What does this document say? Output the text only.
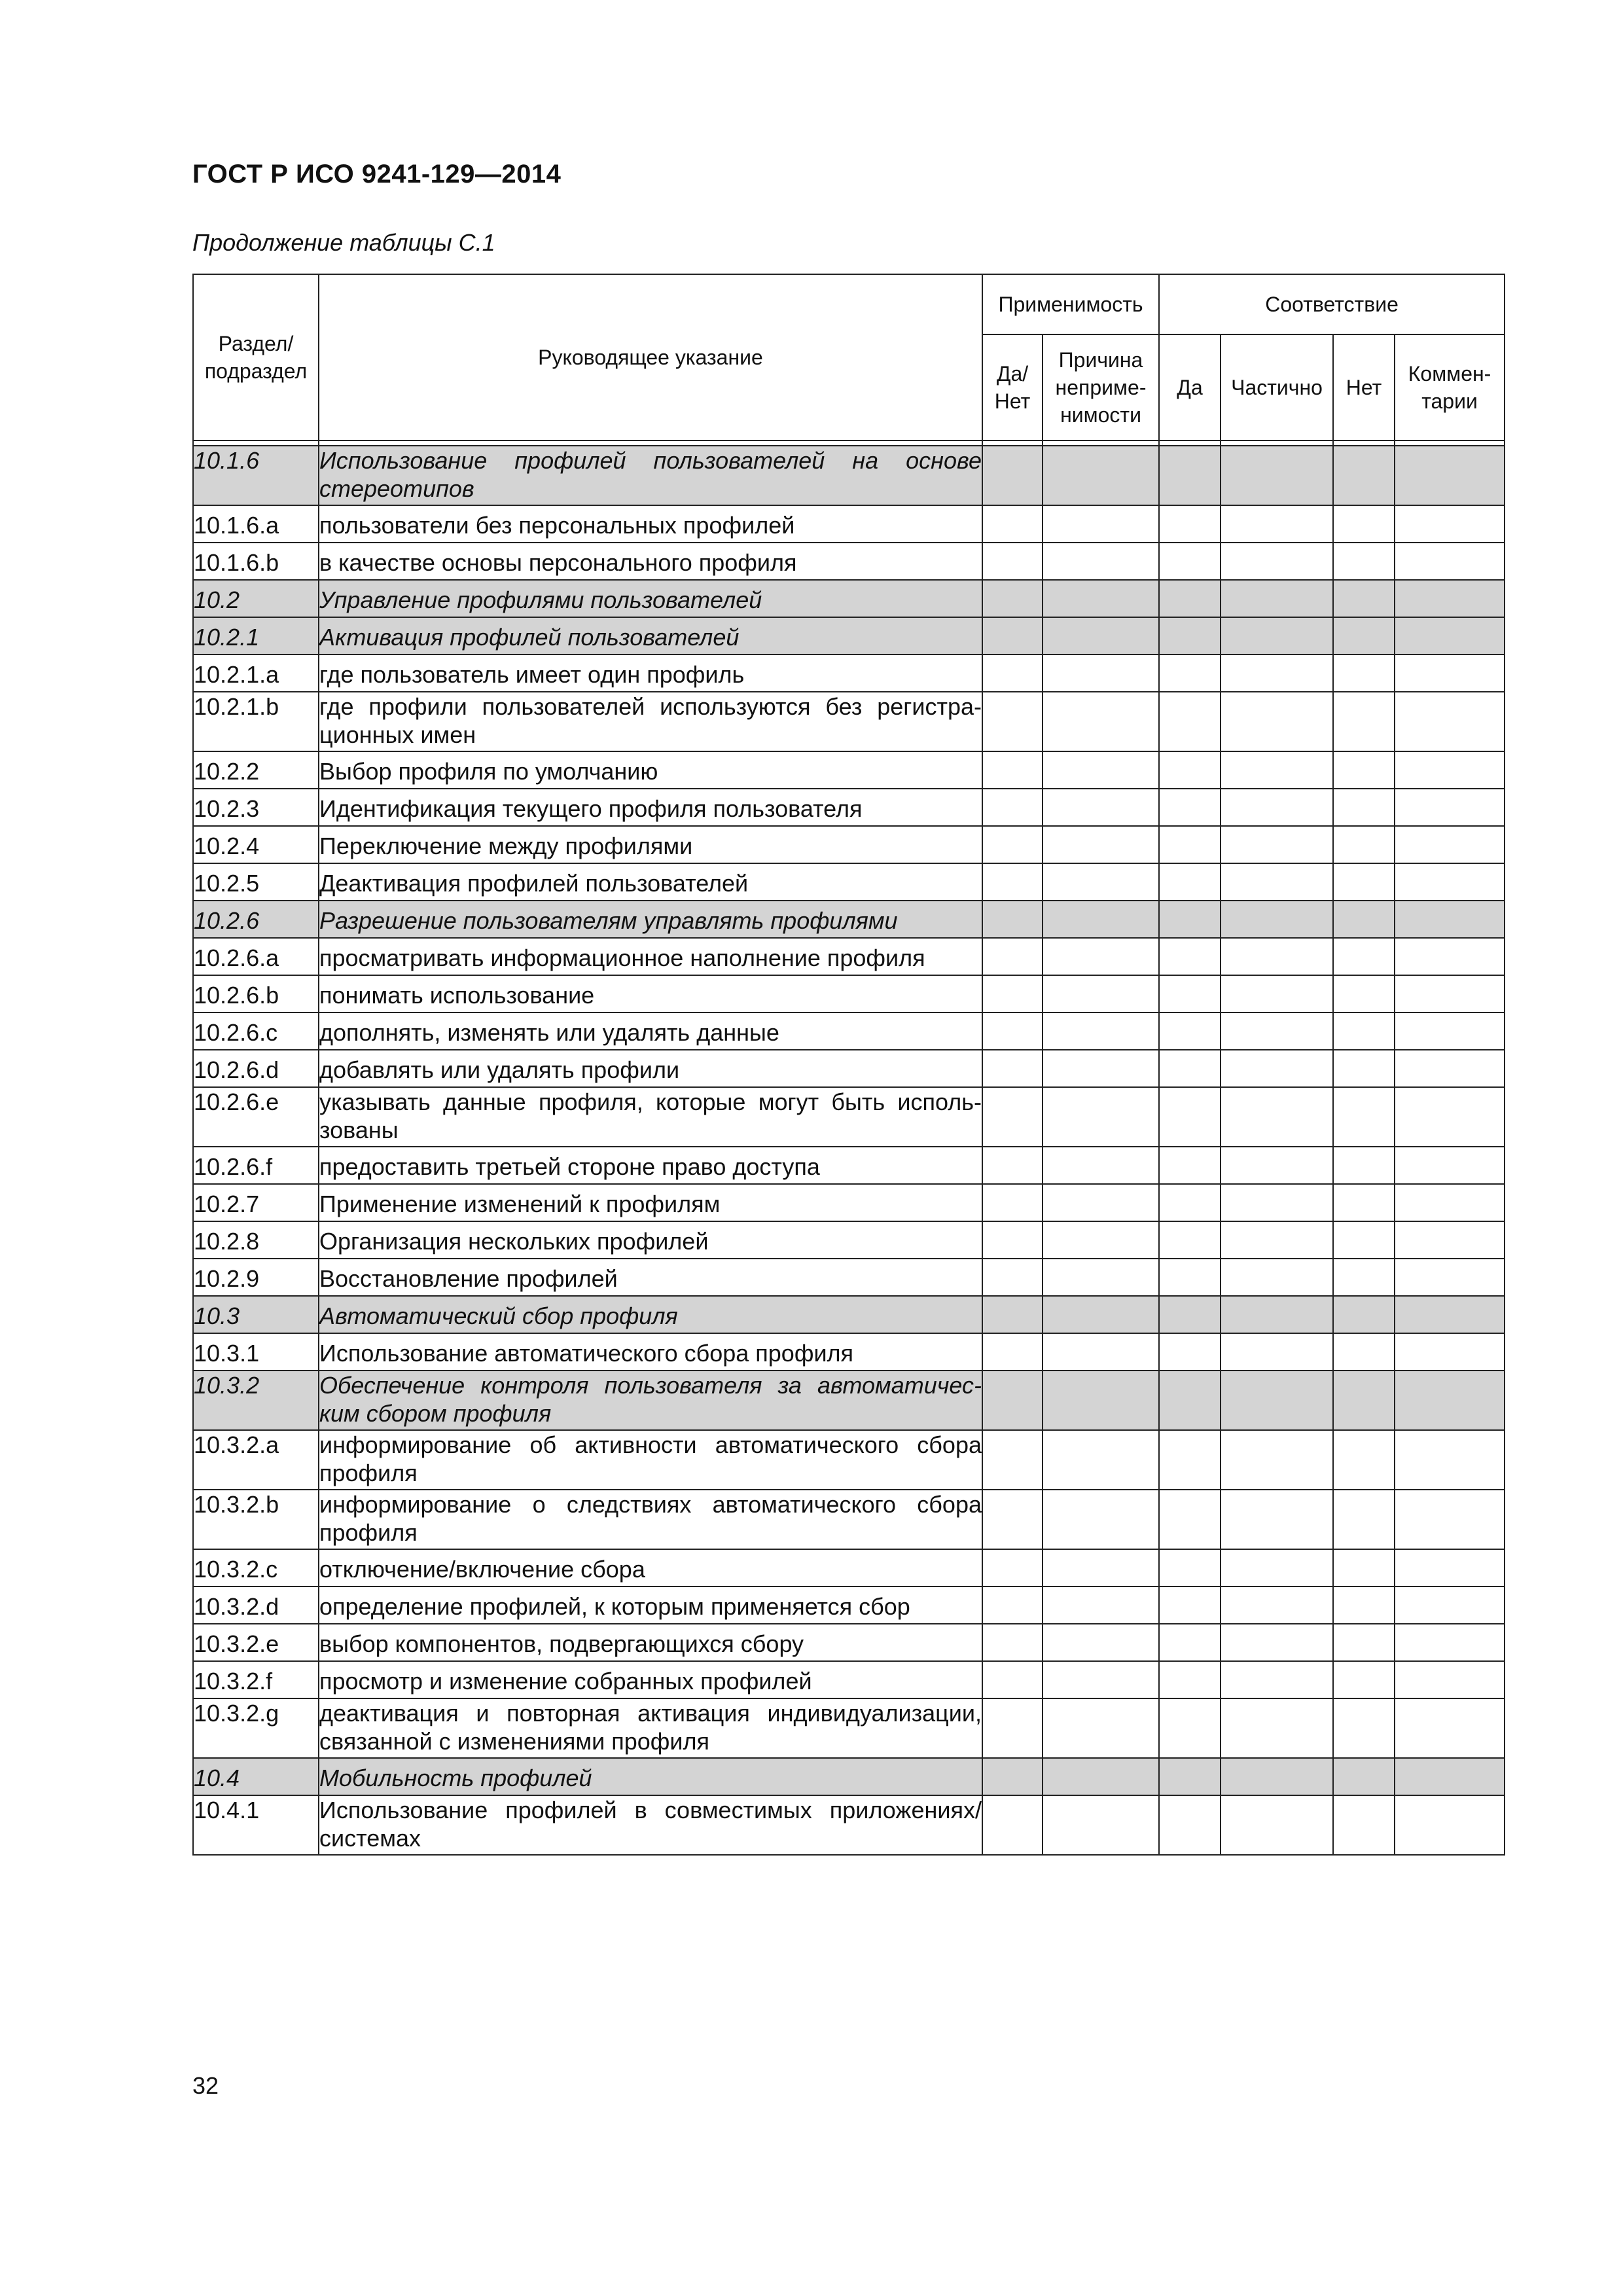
ГОСТ Р ИСО 9241-129—2014
Продолжение таблицы С.1
Раздел/ подраздел	Руководящее указание	Применимость		Соответствие			
		Да/ Нет	Причина неприме- нимости	Да	Частично	Нет	Коммен- тарии

10.1.6	Использование профилей пользователей на основе стереотипов						
10.1.6.a	пользователи без персональных профилей						
10.1.6.b	в качестве основы персонального профиля						
10.2	Управление профилями пользователей						
10.2.1	Активация профилей пользователей						
10.2.1.a	где пользователь имеет один профиль						
10.2.1.b	где профили пользователей используются без регистра-ционных имен						
10.2.2	Выбор профиля по умолчанию						
10.2.3	Идентификация текущего профиля пользователя						
10.2.4	Переключение между профилями						
10.2.5	Деактивация профилей пользователей						
10.2.6	Разрешение пользователям управлять профилями						
10.2.6.a	просматривать информационное наполнение профиля						
10.2.6.b	понимать использование						
10.2.6.c	дополнять, изменять или удалять данные						
10.2.6.d	добавлять или удалять профили						
10.2.6.e	указывать данные профиля, которые могут быть исполь-зованы						
10.2.6.f	предоставить третьей стороне право доступа						
10.2.7	Применение изменений к профилям						
10.2.8	Организация нескольких профилей						
10.2.9	Восстановление профилей						
10.3	Автоматический сбор профиля						
10.3.1	Использование автоматического сбора профиля						
10.3.2	Обеспечение контроля пользователя за автоматичес-ким сбором профиля						
10.3.2.a	информирование об активности автоматического сбора профиля						
10.3.2.b	информирование о следствиях автоматического сбора профиля						
10.3.2.c	отключение/включение сбора						
10.3.2.d	определение профилей, к которым применяется сбор						
10.3.2.e	выбор компонентов, подвергающихся сбору						
10.3.2.f	просмотр и изменение собранных профилей						
10.3.2.g	деактивация и повторная активация индивидуализации, связанной с изменениями профиля						
10.4	Мобильность профилей						
10.4.1	Использование профилей в совместимых приложениях/ системах						
32
